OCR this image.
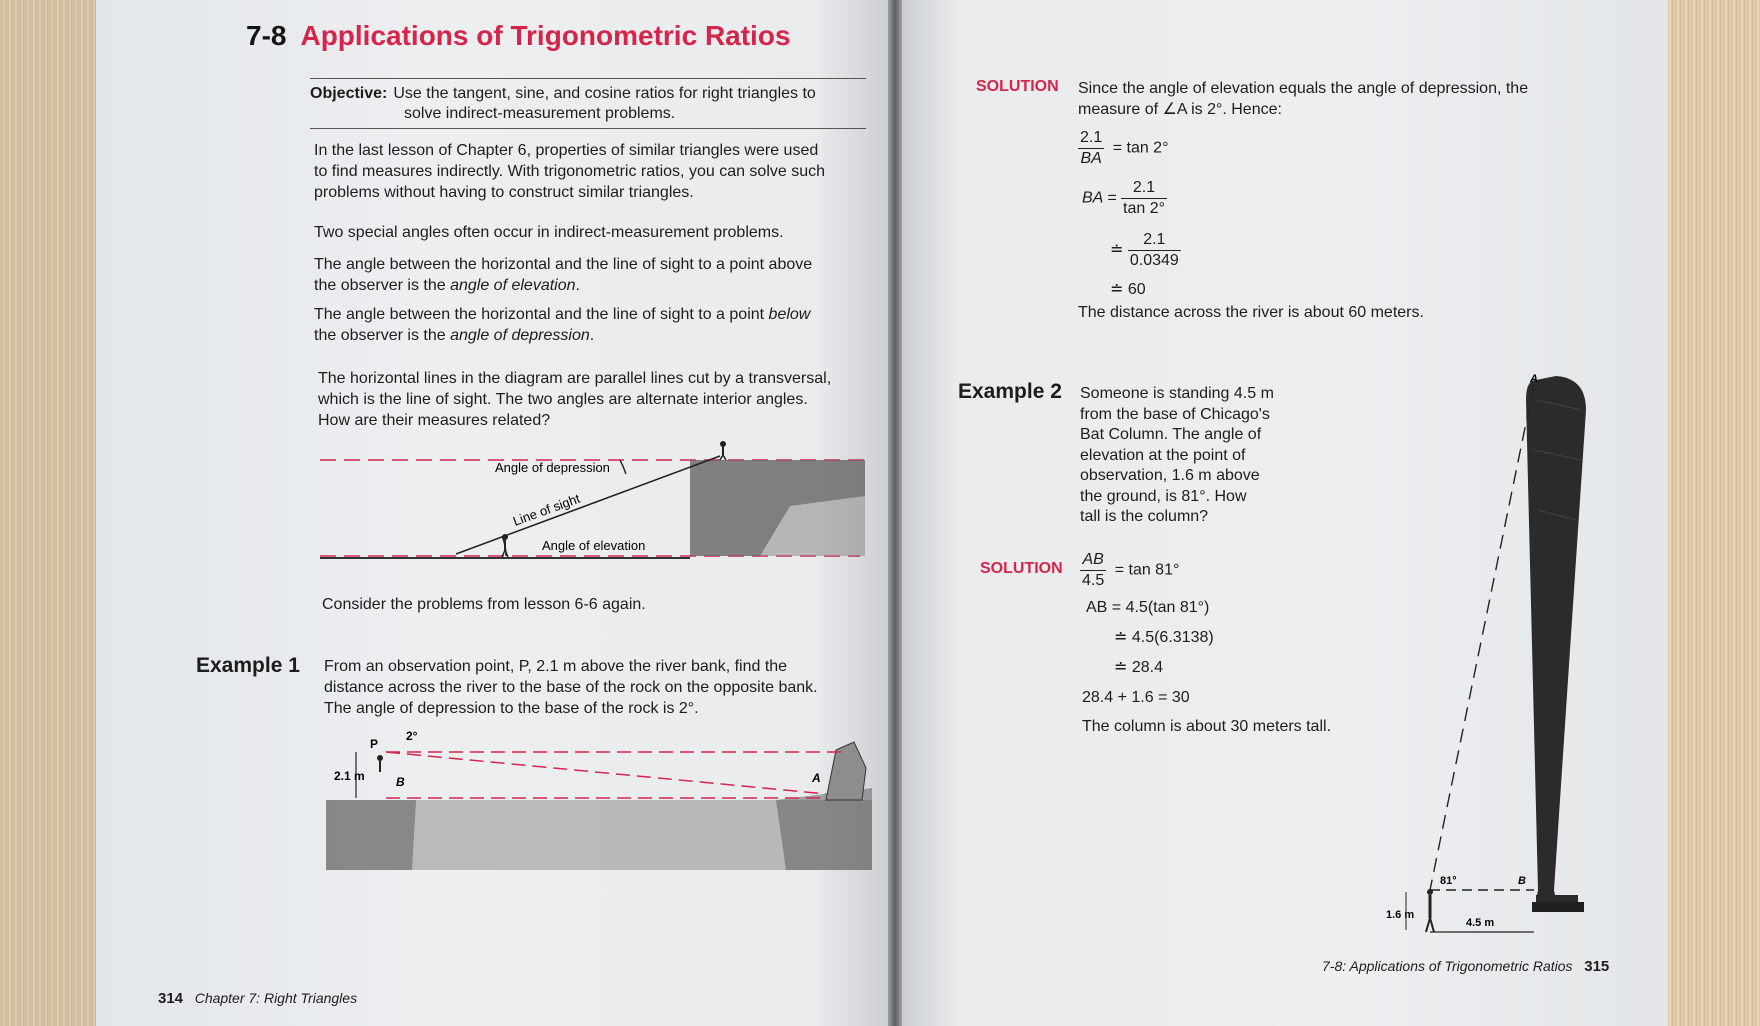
7-8 Applications of Trigonometric Ratios
Objective: Use the tangent, sine, and cosine ratios for right triangles to
solve indirect-measurement problems.
In the last lesson of Chapter 6, properties of similar triangles were used
to find measures indirectly. With trigonometric ratios, you can solve such
problems without having to construct similar triangles.
Two special angles often occur in indirect-measurement problems.
The angle between the horizontal and the line of sight to a point above
the observer is the angle of elevation.
The angle between the horizontal and the line of sight to a point below
the observer is the angle of depression.
The horizontal lines in the diagram are parallel lines cut by a transversal,
which is the line of sight. The two angles are alternate interior angles.
How are their measures related?
Angle of depression
Line of sight
Angle of elevation
Consider the problems from lesson 6-6 again.
Example 1 From an observation point, P, 2.1 m above the river bank, find the
distance across the river to the base of the rock on the opposite bank.
The angle of depression to the base of the rock is 2°.
P
2°
2.1 m	B	A
314 Chapter 7: Right Triangles
SOLUTION Since the angle of elevation equals the angle of depression, the
measure of ∠A is 2°. Hence:
$\frac{2.1}{BA} = \tan 2^\circ$
BA = $\frac{2.1}{\tan 2^\circ}$
≐ $\frac{2.1}{0.0349}$
≐ 60
The distance across the river is about 60 meters.
Example 2 Someone is standing 4.5 m
from the base of Chicago's
Bat Column. The angle of
elevation at the point of
observation, 1.6 m above
the ground, is 81°. How
tall is the column?
SOLUTION $\frac{AB}{4.5} = \tan 81^\circ$
AB = 4.5(tan 81°)
≐ 4.5(6.3138)
≐ 28.4
28.4 + 1.6 = 30
The column is about 30 meters tall.
A
81°	B
1.6 m
4.5 m
7-8: Applications of Trigonometric Ratios 315
